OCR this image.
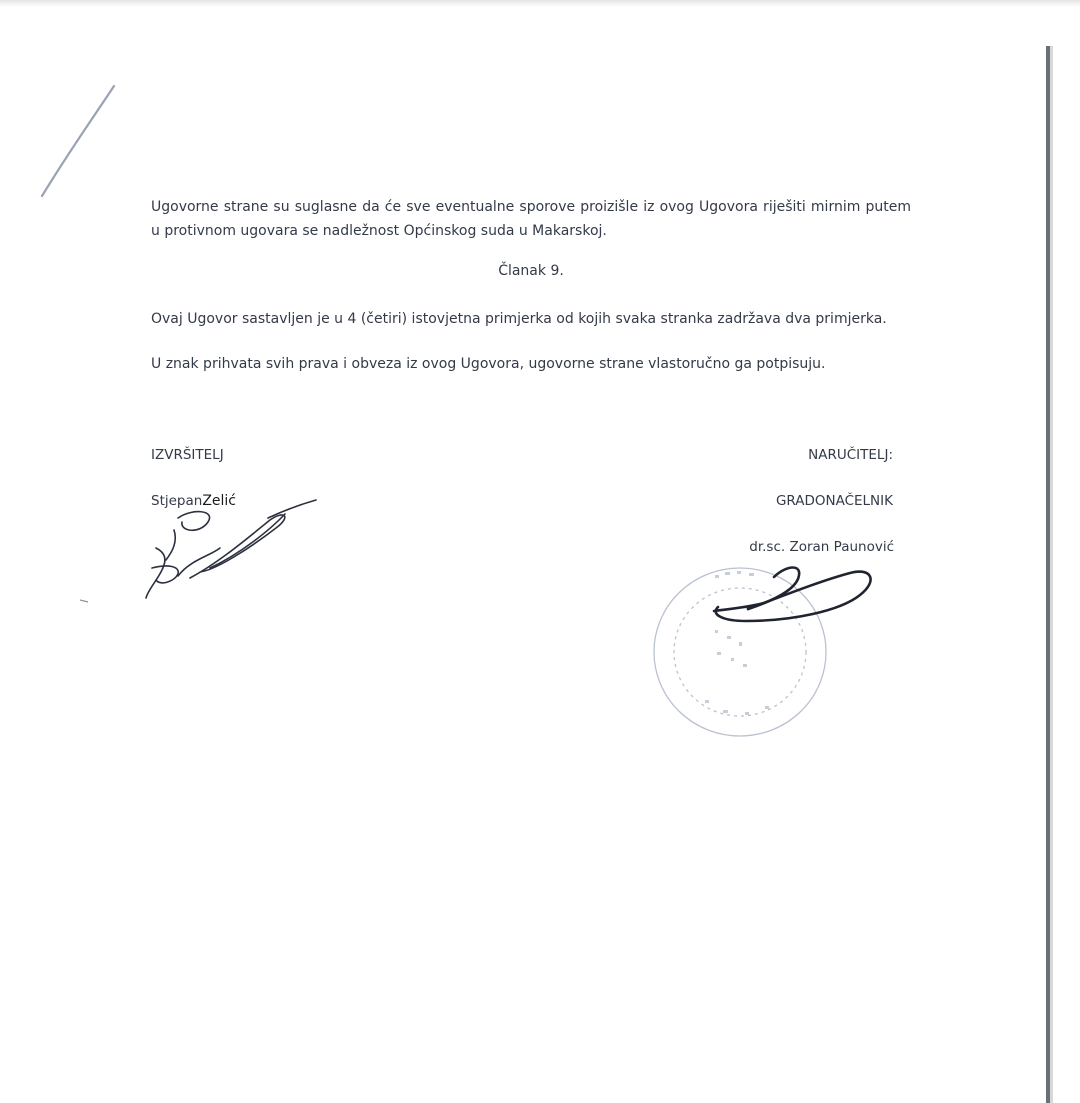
Ugovorne strane su suglasne da će sve eventualne sporove proizišle iz ovog Ugovora riješiti mirnim putem u protivnom ugovara se nadležnost Općinskog suda u Makarskoj.

Članak 9.

Ovaj Ugovor sastavljen je u 4 (četiri) istovjetna primjerka od kojih svaka stranka zadržava dva primjerka.

U znak prihvata svih prava i obveza iz ovog Ugovora, ugovorne strane vlastoručno ga potpisuju.

IZVRŠITELJ
StjepanZelić
NARUČITELJ:
GRADONAČELNIK
dr.sc. Zoran Paunović
